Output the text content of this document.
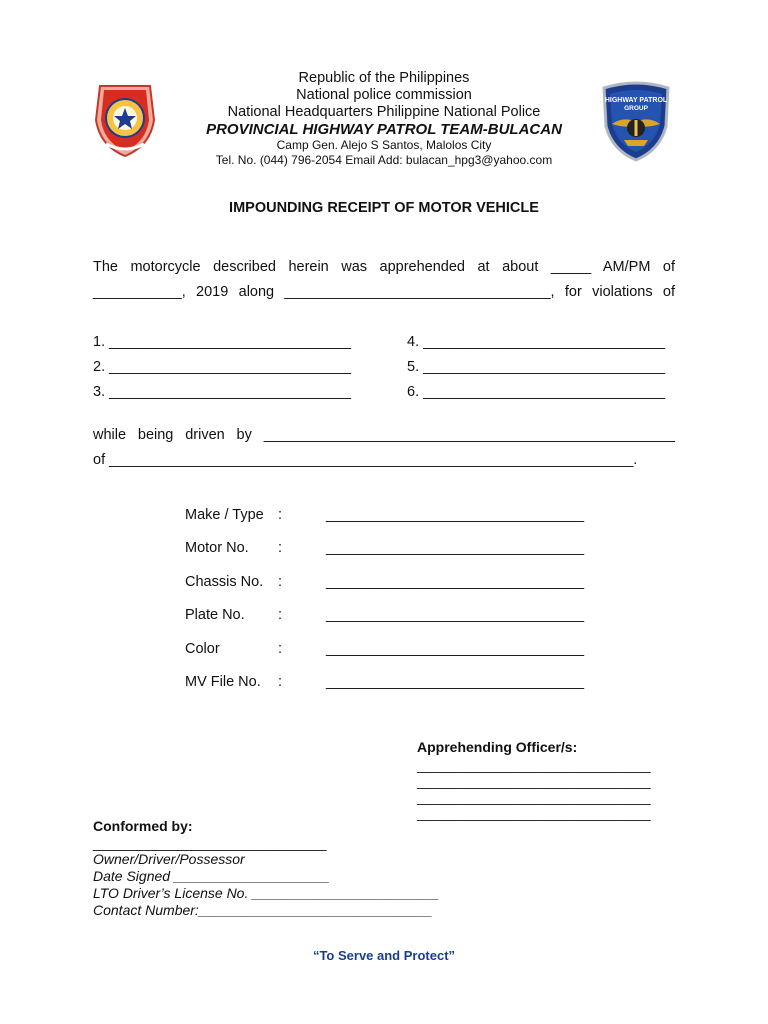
HIGHWAY PATROL
GROUP
Republic of the Philippines
National police commission
National Headquarters Philippine National Police
PROVINCIAL HIGHWAY PATROL TEAM-BULACAN
Camp Gen. Alejo S Santos, Malolos City
Tel. No. (044) 796-2054 Email Add: bulacan_hpg3@yahoo.com
IMPOUNDING RECEIPT OF MOTOR VEHICLE
The motorcycle described herein was apprehended at about _____ AM/PM of
___________, 2019 along _________________________________, for violations of
1. ______________________________
2. ______________________________
3. ______________________________
4. ______________________________
5. ______________________________
6. ______________________________
while being driven by ___________________________________________________
of _________________________________________________________________.
Make / Type :	________________________________
Motor No. :	________________________________
Chassis No. :	________________________________
Plate No. :	________________________________
Color	:	________________________________
MV File No. :	________________________________
Apprehending Officer/s:
______________________________
______________________________
______________________________
______________________________
Conformed by:
______________________________
Owner/Driver/Possessor
Date Signed ____________________
LTO Driver’s License No. ________________________
Contact Number:______________________________
“To Serve and Protect”
